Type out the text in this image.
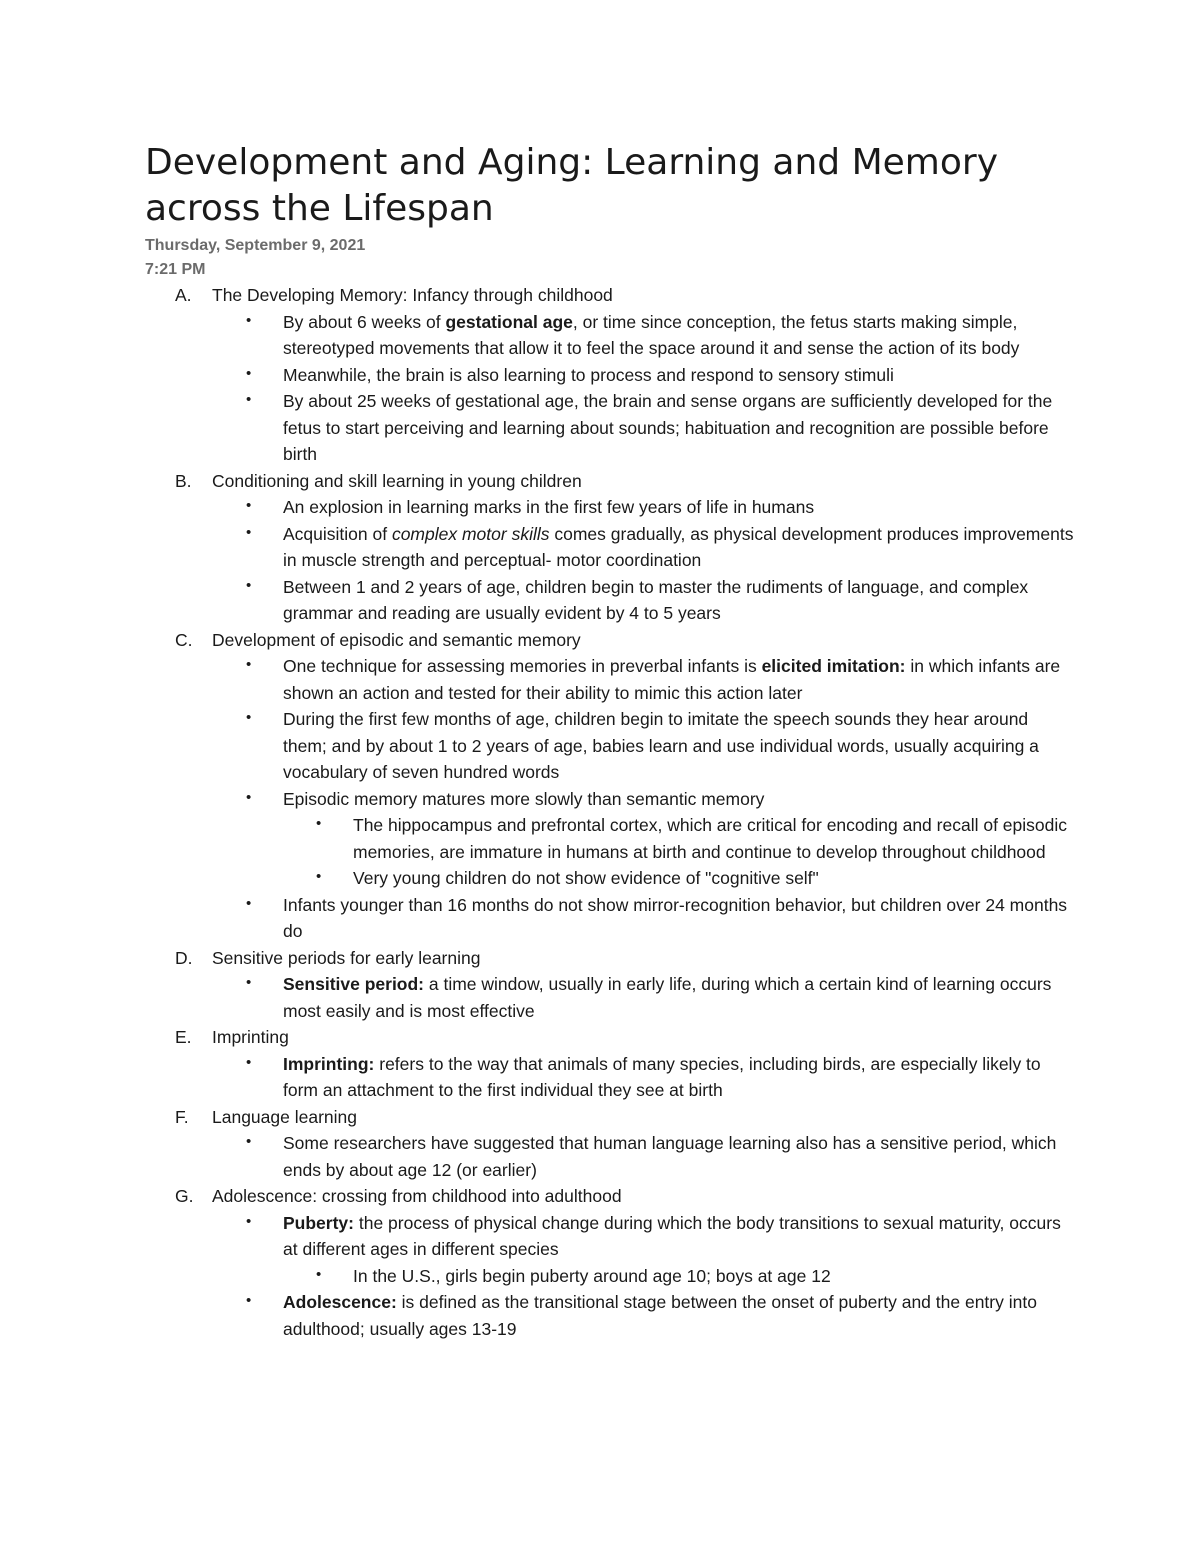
Development and Aging: Learning and Memory across the Lifespan
Thursday, September 9, 2021
7:21 PM
A. The Developing Memory: Infancy through childhood
• By about 6 weeks of gestational age, or time since conception, the fetus starts making simple, stereotyped movements that allow it to feel the space around it and sense the action of its body
• Meanwhile, the brain is also learning to process and respond to sensory stimuli
• By about 25 weeks of gestational age, the brain and sense organs are sufficiently developed for the fetus to start perceiving and learning about sounds; habituation and recognition are possible before birth
B. Conditioning and skill learning in young children
• An explosion in learning marks in the first few years of life in humans
• Acquisition of complex motor skills comes gradually, as physical development produces improvements in muscle strength and perceptual- motor coordination
• Between 1 and 2 years of age, children begin to master the rudiments of language, and complex grammar and reading are usually evident by 4 to 5 years
C. Development of episodic and semantic memory
• One technique for assessing memories in preverbal infants is elicited imitation: in which infants are shown an action and tested for their ability to mimic this action later
• During the first few months of age, children begin to imitate the speech sounds they hear around them; and by about 1 to 2 years of age, babies learn and use individual words, usually acquiring a vocabulary of seven hundred words
• Episodic memory matures more slowly than semantic memory
• The hippocampus and prefrontal cortex, which are critical for encoding and recall of episodic memories, are immature in humans at birth and continue to develop throughout childhood
• Very young children do not show evidence of "cognitive self"
• Infants younger than 16 months do not show mirror-recognition behavior, but children over 24 months do
D. Sensitive periods for early learning
• Sensitive period: a time window, usually in early life, during which a certain kind of learning occurs most easily and is most effective
E. Imprinting
• Imprinting: refers to the way that animals of many species, including birds, are especially likely to form an attachment to the first individual they see at birth
F. Language learning
• Some researchers have suggested that human language learning also has a sensitive period, which ends by about age 12 (or earlier)
G. Adolescence: crossing from childhood into adulthood
• Puberty: the process of physical change during which the body transitions to sexual maturity, occurs at different ages in different species
• In the U.S., girls begin puberty around age 10; boys at age 12
• Adolescence: is defined as the transitional stage between the onset of puberty and the entry into adulthood; usually ages 13-19
